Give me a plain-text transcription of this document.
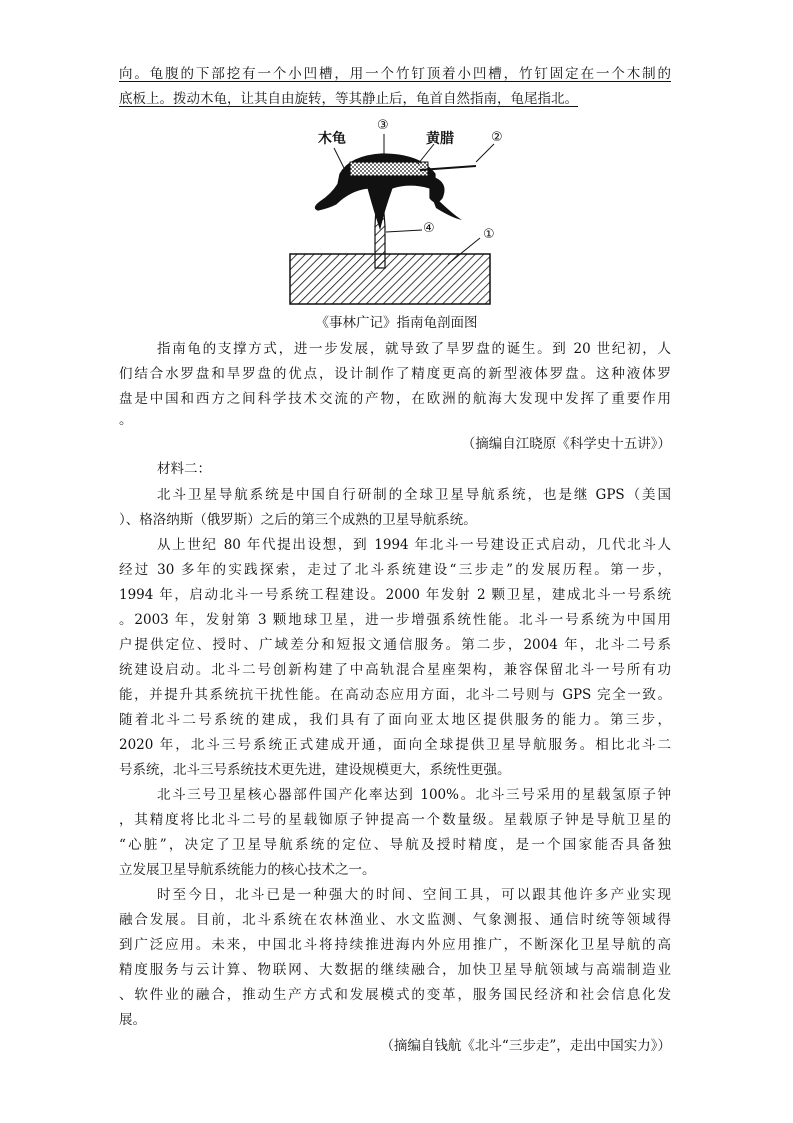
向。龟腹的下部挖有一个小凹槽，用一个竹钉顶着小凹槽，竹钉固定在一个木制的
底板上。拨动木龟，让其自由旋转，等其静止后，龟首自然指南，龟尾指北。
木龟	黄腊
③
②
④	①
《事林广记》指南龟剖面图
指南龟的支撑方式，进一步发展，就导致了旱罗盘的诞生。到 20 世纪初，人
们结合水罗盘和旱罗盘的优点，设计制作了精度更高的新型液体罗盘。这种液体罗
盘是中国和西方之间科学技术交流的产物，在欧洲的航海大发现中发挥了重要作用
。
（摘编自江晓原《科学史十五讲》）
材料二：
北斗卫星导航系统是中国自行研制的全球卫星导航系统，也是继 GPS（美国
）、格洛纳斯（俄罗斯）之后的第三个成熟的卫星导航系统。
从上世纪 80 年代提出设想，到 1994 年北斗一号建设正式启动，几代北斗人
经过 30 多年的实践探索，走过了北斗系统建设“三步走”的发展历程。第一步，
1994 年，启动北斗一号系统工程建设。2000 年发射 2 颗卫星，建成北斗一号系统
。2003 年，发射第 3 颗地球卫星，进一步增强系统性能。北斗一号系统为中国用
户提供定位、授时、广域差分和短报文通信服务。第二步，2004 年，北斗二号系
统建设启动。北斗二号创新构建了中高轨混合星座架构，兼容保留北斗一号所有功
能，并提升其系统抗干扰性能。在高动态应用方面，北斗二号则与 GPS 完全一致。
随着北斗二号系统的建成，我们具有了面向亚太地区提供服务的能力。第三步，
2020 年，北斗三号系统正式建成开通，面向全球提供卫星导航服务。相比北斗二
号系统，北斗三号系统技术更先进，建设规模更大，系统性更强。
北斗三号卫星核心器部件国产化率达到 100%。北斗三号采用的星载氢原子钟
，其精度将比北斗二号的星载铷原子钟提高一个数量级。星载原子钟是导航卫星的
“心脏”，决定了卫星导航系统的定位、导航及授时精度，是一个国家能否具备独
立发展卫星导航系统能力的核心技术之一。
时至今日，北斗已是一种强大的时间、空间工具，可以跟其他许多产业实现
融合发展。目前，北斗系统在农林渔业、水文监测、气象测报、通信时统等领域得
到广泛应用。未来，中国北斗将持续推进海内外应用推广，不断深化卫星导航的高
精度服务与云计算、物联网、大数据的继续融合，加快卫星导航领域与高端制造业
、软件业的融合，推动生产方式和发展模式的变革，服务国民经济和社会信息化发
展。
（摘编自钱航《北斗“三步走”，走出中国实力》）
